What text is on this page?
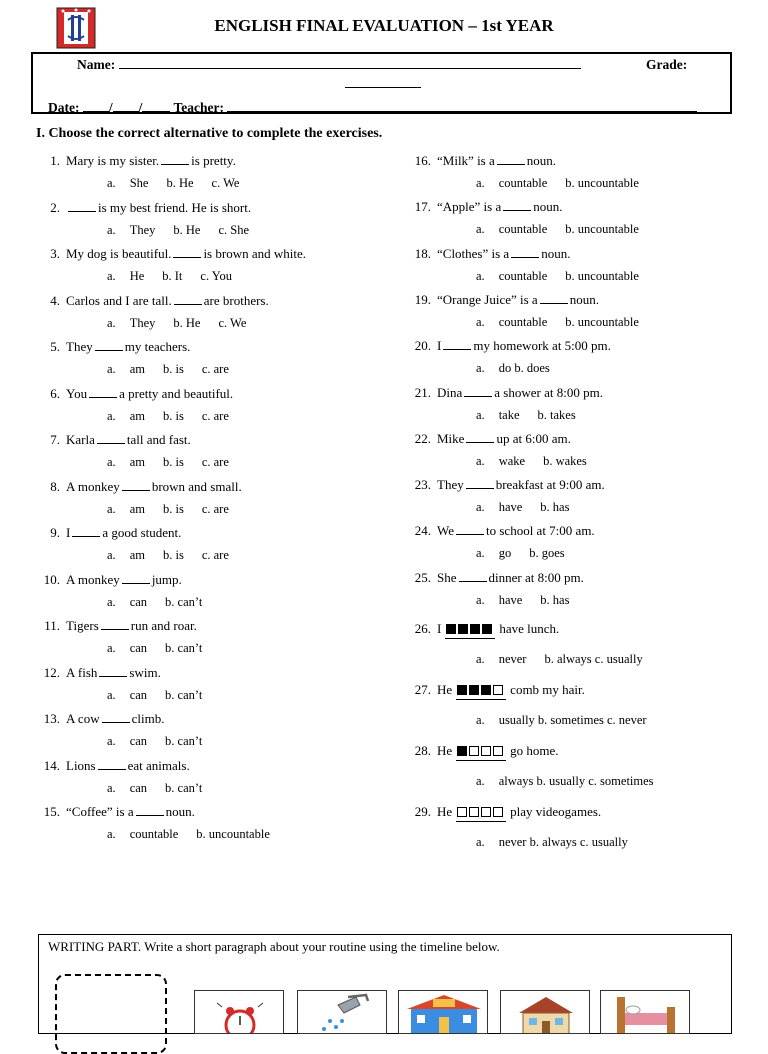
ENGLISH FINAL EVALUATION – 1st YEAR
Name:	Grade:
Date: / / Teacher:
I. Choose the correct alternative to complete the exercises.
1. Mary is my sister. is pretty.
a. She b. He c. We
2.	is my best friend. He is short.
a. They b. He c. She
3. My dog is beautiful. is brown and white.
a. He b. It c. You
4. Carlos and I are tall. are brothers.
a. They b. He c. We
5. They my teachers.
a. am b. is c. are
6. You a pretty and beautiful.
a. am b. is c. are
7. Karla tall and fast.
a. am b. is c. are
8. A monkey brown and small.
a. am b. is c. are
9. I a good student.
a. am b. is c. are
10. A monkey jump.
a. can b. can’t
11. Tigers run and roar.
a. can b. can’t
12. A fish swim.
a. can b. can’t
13. A cow climb.
a. can b. can’t
14. Lions eat animals.
a. can b. can’t
15. “Coffee” is a noun.
a. countable b. uncountable
16. “Milk” is a noun.
a. countable b. uncountable
17. “Apple” is a noun.
a. countable b. uncountable
18. “Clothes” is a noun.
a. countable b. uncountable
19. “Orange Juice” is a noun.
a. countable b. uncountable
20. I my homework at 5:00 pm.
a. do b. does
21. Dina a shower at 8:00 pm.
a. take b. takes
22. Mike up at 6:00 am.
a. wake b. wakes
23. They breakfast at 9:00 am.
a. have b. has
24. We to school at 7:00 am.
a. go b. goes
25. She dinner at 8:00 pm.
a. have b. has
26. I	have lunch.
a. never b. always c. usually
27. He	comb my hair.
a. usually b. sometimes c. never
28. He	go home.
a. always b. usually c. sometimes
29. He	play videogames.
a. never b. always c. usually
WRITING PART. Write a short paragraph about your routine using the timeline below.
